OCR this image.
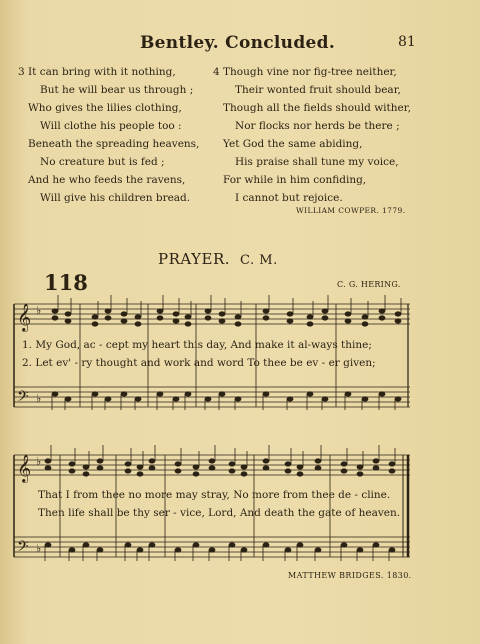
Bentley. Concluded.	81
3 It can bring with it nothing,
But he will bear us through ;
Who gives the lilies clothing,
Will clothe his people too :
Beneath the spreading heavens,
No creature but is fed ;
And he who feeds the ravens,
Will give his children bread.
4 Though vine nor fig-tree neither,
Their wonted fruit should bear,
Though all the fields should wither,
Nor flocks nor herds be there ;
Yet God the same abiding,
His praise shall tune my voice,
For while in him confiding,
I cannot but rejoice.
WILLIAM COWPER. 1779.
PRAYER. C. M.
118	C. G. HERING.
𝄞
𝄢
𝄞
𝄢
♭
♭
♭
♭
1. My God, ac - cept my heart this day, And make it al-ways thine;
2. Let ev' - ry thought and work and word To thee be ev - er given;
That I from thee no more may stray, No more from thee de - cline.
Then life shall be thy ser - vice, Lord, And death the gate of heaven.
MATTHEW BRIDGES. 1830.
